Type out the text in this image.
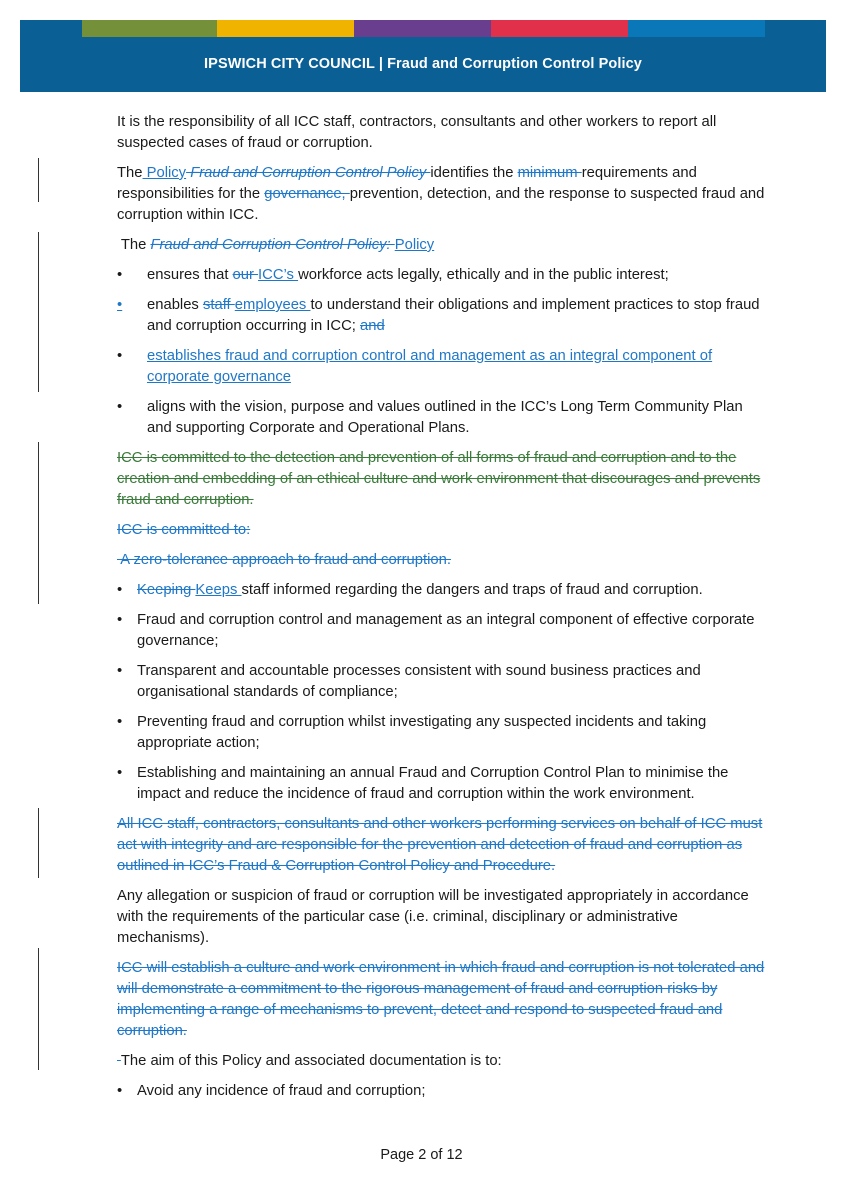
IPSWICH CITY COUNCIL | Fraud and Corruption Control Policy

It is the responsibility of all ICC staff, contractors, consultants and other workers to report all suspected cases of fraud or corruption.

The Policy Fraud and Corruption Control Policy identifies the minimum requirements and responsibilities for the governance, prevention, detection, and the response to suspected fraud and corruption within ICC.

The Fraud and Corruption Control Policy: Policy

• ensures that our ICC’s workforce acts legally, ethically and in the public interest;
•	enables staff employees to understand their obligations and implement practices to stop fraud and corruption occurring in ICC; and
• establishes fraud and corruption control and management as an integral component of corporate governance
• aligns with the vision, purpose and values outlined in the ICC’s Long Term Community Plan and supporting Corporate and Operational Plans.

ICC is committed to the detection and prevention of all forms of fraud and corruption and to the creation and embedding of an ethical culture and work environment that discourages and prevents fraud and corruption.

ICC is committed to:

A zero-tolerance approach to fraud and corruption.

• Keeping Keeps staff informed regarding the dangers and traps of fraud and corruption.
• Fraud and corruption control and management as an integral component of effective corporate governance;
• Transparent and accountable processes consistent with sound business practices and organisational standards of compliance;
• Preventing fraud and corruption whilst investigating any suspected incidents and taking appropriate action;
• Establishing and maintaining an annual Fraud and Corruption Control Plan to minimise the impact and reduce the incidence of fraud and corruption within the work environment.

All ICC staff, contractors, consultants and other workers performing services on behalf of ICC must act with integrity and are responsible for the prevention and detection of fraud and corruption as outlined in ICC’s Fraud & Corruption Control Policy and Procedure.

Any allegation or suspicion of fraud or corruption will be investigated appropriately in accordance with the requirements of the particular case (i.e. criminal, disciplinary or administrative mechanisms).

ICC will establish a culture and work environment in which fraud and corruption is not tolerated and will demonstrate a commitment to the rigorous management of fraud and corruption risks by implementing a range of mechanisms to prevent, detect and respond to suspected fraud and corruption.

The aim of this Policy and associated documentation is to:

• Avoid any incidence of fraud and corruption;
Page 2 of 12
